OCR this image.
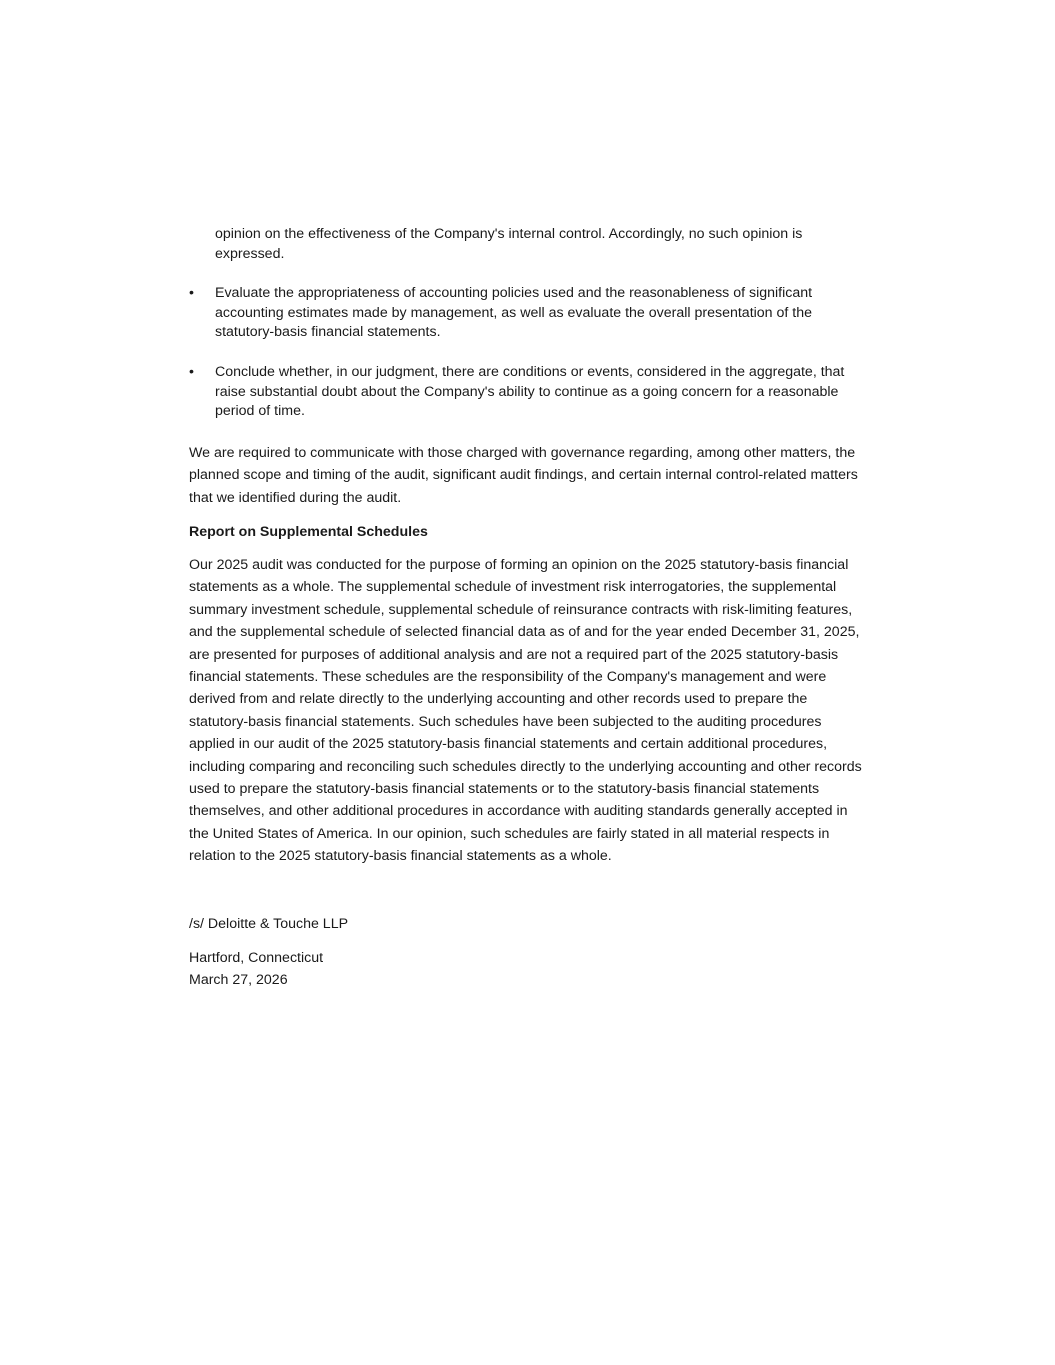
opinion on the effectiveness of the Company's internal control. Accordingly, no such opinion is expressed.

•	Evaluate the appropriateness of accounting policies used and the reasonableness of significant accounting estimates made by management, as well as evaluate the overall presentation of the statutory-basis financial statements.
•	Conclude whether, in our judgment, there are conditions or events, considered in the aggregate, that raise substantial doubt about the Company's ability to continue as a going concern for a reasonable period of time.

We are required to communicate with those charged with governance regarding, among other matters, the planned scope and timing of the audit, significant audit findings, and certain internal control-related matters that we identified during the audit.

Report on Supplemental Schedules

Our 2025 audit was conducted for the purpose of forming an opinion on the 2025 statutory-basis financial statements as a whole. The supplemental schedule of investment risk interrogatories, the supplemental summary investment schedule, supplemental schedule of reinsurance contracts with risk-limiting features, and the supplemental schedule of selected financial data as of and for the year ended December 31, 2025, are presented for purposes of additional analysis and are not a required part of the 2025 statutory-basis financial statements. These schedules are the responsibility of the Company's management and were derived from and relate directly to the underlying accounting and other records used to prepare the statutory-basis financial statements. Such schedules have been subjected to the auditing procedures applied in our audit of the 2025 statutory-basis financial statements and certain additional procedures, including comparing and reconciling such schedules directly to the underlying accounting and other records used to prepare the statutory-basis financial statements or to the statutory-basis financial statements themselves, and other additional procedures in accordance with auditing standards generally accepted in the United States of America. In our opinion, such schedules are fairly stated in all material respects in relation to the 2025 statutory-basis financial statements as a whole.

/s/ Deloitte & Touche LLP

Hartford, Connecticut

March 27, 2026
